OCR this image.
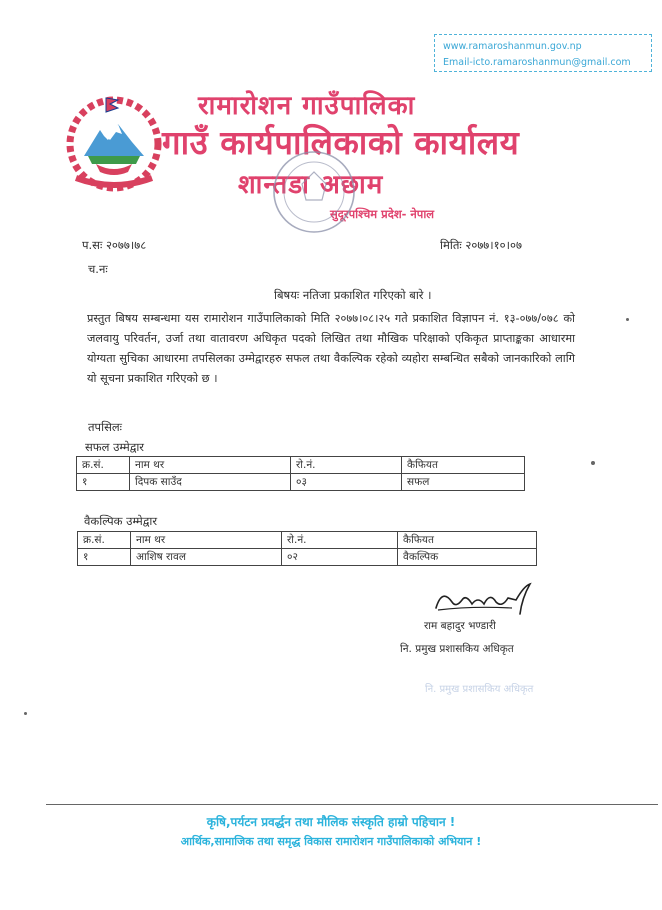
www.ramaroshanmun.gov.np
Email-icto.ramaroshanmun@gmail.com
रामारोशन गाउँपालिका
गाउँ कार्यपालिकाको कार्यालय
शान्तडा अछाम
सुदूरपश्चिम प्रदेश- नेपाल
प.सः २०७७।७८	मितिः २०७७।१०।०७
च.नः
बिषयः नतिजा प्रकाशित गरिएको बारे ।
प्रस्तुत बिषय सम्बन्धमा यस रामारोशन गाउँपालिकाको मिति २०७७।०८।२५ गते प्रकाशित विज्ञापन नं. १३-०७७/०७८ को जलवायु परिवर्तन, उर्जा तथा वातावरण अधिकृत पदको लिखित तथा मौखिक परिक्षाको एकिकृत प्राप्ताङ्कका आधारमा योग्यता सुचिका आधारमा तपसिलका उम्मेद्वारहरु सफल तथा वैकल्पिक रहेको व्यहोरा सम्बन्धित सबैको जानकारिको लागि यो सूचना प्रकाशित गरिएको छ ।
तपसिलः
सफल उम्मेद्वार
क्र.सं.	नाम थर	रो.नं.	कैफियत
१	दिपक साउँद	०३	सफल
वैकल्पिक उम्मेद्वार
क्र.सं.	नाम थर	रो.नं.	कैफियत
१	आशिष रावल	०२	वैकल्पिक
राम बहादुर भण्डारी
नि. प्रमुख प्रशासकिय अधिकृत
नि. प्रमुख प्रशासकिय अधिकृत
कृषि,पर्यटन प्रवर्द्धन तथा मौलिक संस्कृति हाम्रो पहिचान !
आर्थिक,सामाजिक तथा समृद्ध विकास रामारोशन गाउँपालिकाको अभियान !
